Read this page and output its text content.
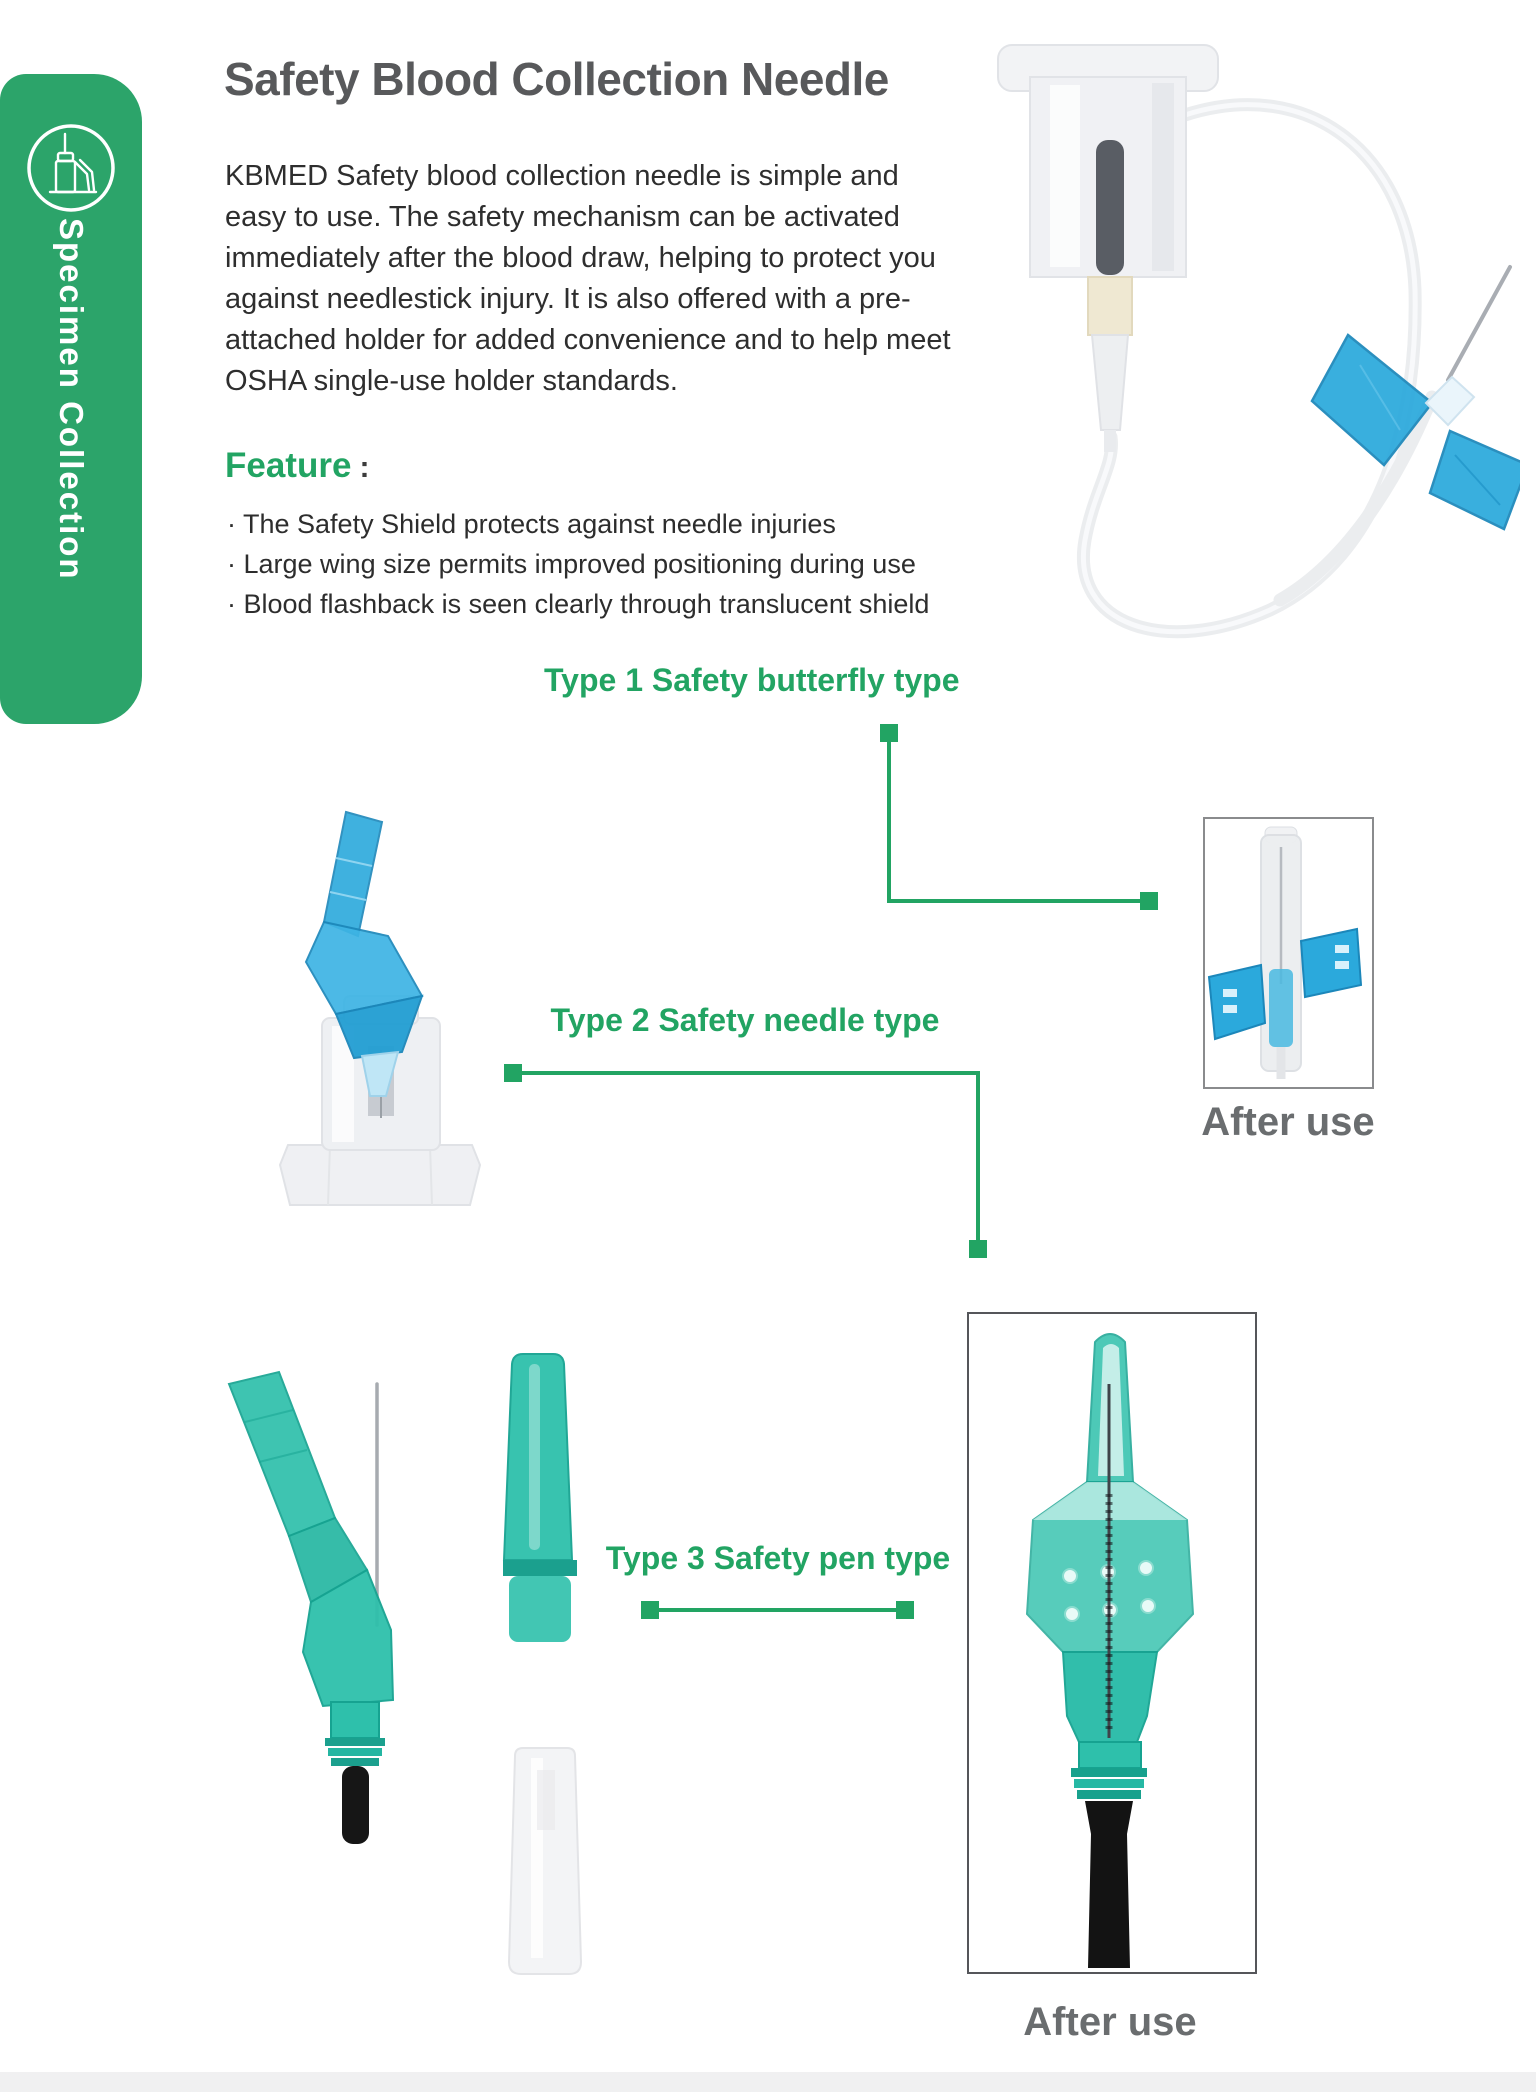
Specimen Collection
Safety Blood Collection Needle
KBMED Safety blood collection needle is simple and
easy to use. The safety mechanism can be activated
immediately after the blood draw, helping to protect you
against needlestick injury. It is also offered with a pre-
attached holder for added convenience and to help meet
OSHA single-use holder standards.
Feature :
· The Safety Shield protects against needle injuries
· Large wing size permits improved positioning during use
· Blood flashback is seen clearly through translucent shield
Type 1 Safety butterfly type
Type 2 Safety needle type
Type 3 Safety pen type
After use
After use
